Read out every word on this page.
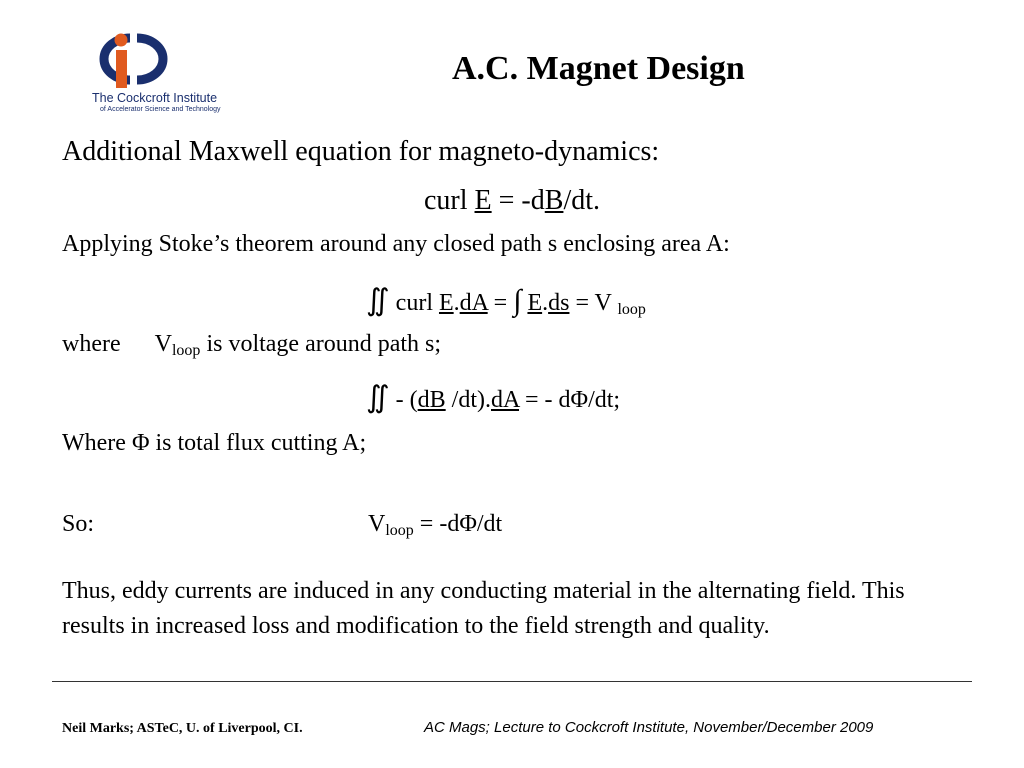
The Cockcroft Institute
of Accelerator Science and Technology
A.C. Magnet Design
Additional Maxwell equation for magneto-dynamics:
curl E = -dB/dt.
Applying Stoke’s theorem around any closed path s enclosing area A:
∬ curl E.dA = ∫ E.ds = V $_{loop}$
where $V_{loop}$ is voltage around path s;
∬ - (dB /dt).dA = - dΦ/dt;
Where Φ is total flux cutting A;
So:	$V_{loop} = -d\Phi/dt$

Thus, eddy currents are induced in any conducting material in the alternating field. This results in increased loss and modification to the field strength and quality.

Neil Marks; ASTeC, U. of Liverpool, CI.	AC Mags; Lecture to Cockcroft Institute, November/December 2009
